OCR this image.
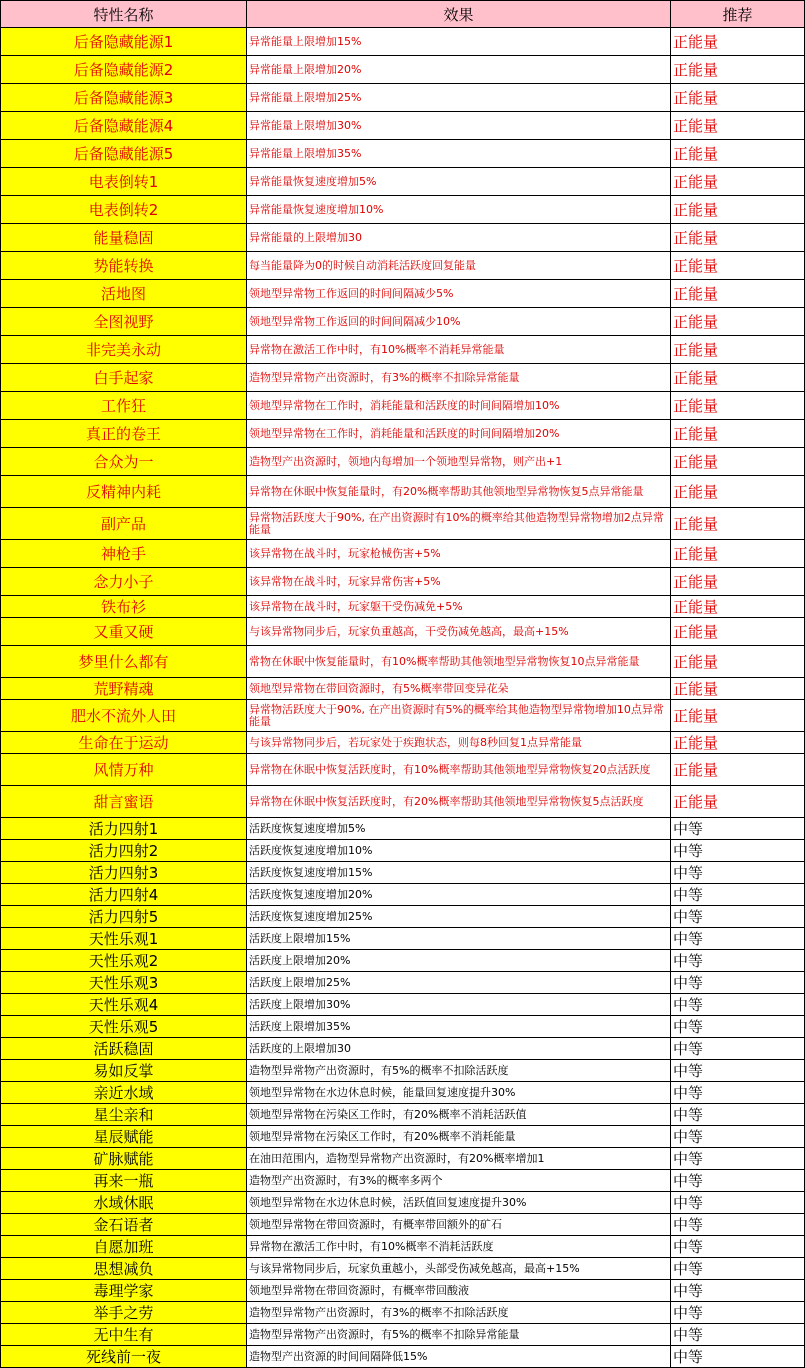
特性名称	效果	推荐
后备隐藏能源1	异常能量上限增加15%	正能量
后备隐藏能源2	异常能量上限增加20%	正能量
后备隐藏能源3	异常能量上限增加25%	正能量
后备隐藏能源4	异常能量上限增加30%	正能量
后备隐藏能源5	异常能量上限增加35%	正能量
电表倒转1	异常能量恢复速度增加5%	正能量
电表倒转2	异常能量恢复速度增加10%	正能量
能量稳固	异常能量的上限增加30	正能量
势能转换	每当能量降为0的时候自动消耗活跃度回复能量	正能量
活地图	领地型异常物工作返回的时间间隔减少5%	正能量
全图视野	领地型异常物工作返回的时间间隔减少10%	正能量
非完美永动	异常物在激活工作中时，有10%概率不消耗异常能量	正能量
白手起家	造物型异常物产出资源时，有3%的概率不扣除异常能量	正能量
工作狂	领地型异常物在工作时，消耗能量和活跃度的时间间隔增加10%	正能量
真正的卷王	领地型异常物在工作时，消耗能量和活跃度的时间间隔增加20%	正能量
合众为一	造物型产出资源时，领地内每增加一个领地型异常物，则产出+1	正能量
反精神内耗	异常物在休眠中恢复能量时，有20%概率帮助其他领地型异常物恢复5点异常能量	正能量
副产品	异常物活跃度大于90%, 在产出资源时有10%的概率给其他造物型异常物增加2点异常能量	正能量
神枪手	该异常物在战斗时，玩家枪械伤害+5%	正能量
念力小子	该异常物在战斗时，玩家异常伤害+5%	正能量
铁布衫	该异常物在战斗时，玩家躯干受伤减免+5%	正能量
又重又硬	与该异常物同步后，玩家负重越高，干受伤减免越高，最高+15%	正能量
梦里什么都有	常物在休眠中恢复能量时，有10%概率帮助其他领地型异常物恢复10点异常能量	正能量
荒野精魂	领地型异常物在带回资源时，有5%概率带回变异花朵	正能量
肥水不流外人田	异常物活跃度大于90%, 在产出资源时有5%的概率给其他造物型异常物增加10点异常能量	正能量
生命在于运动	与该异常物同步后，若玩家处于疾跑状态，则每8秒回复1点异常能量	正能量
风情万种	异常物在休眠中恢复活跃度时，有10%概率帮助其他领地型异常物恢复20点活跃度	正能量
甜言蜜语	异常物在休眠中恢复活跃度时，有20%概率帮助其他领地型异常物恢复5点活跃度	正能量
活力四射1	活跃度恢复速度增加5%	中等
活力四射2	活跃度恢复速度增加10%	中等
活力四射3	活跃度恢复速度增加15%	中等
活力四射4	活跃度恢复速度增加20%	中等
活力四射5	活跃度恢复速度增加25%	中等
天性乐观1	活跃度上限增加15%	中等
天性乐观2	活跃度上限增加20%	中等
天性乐观3	活跃度上限增加25%	中等
天性乐观4	活跃度上限增加30%	中等
天性乐观5	活跃度上限增加35%	中等
活跃稳固	活跃度的上限增加30	中等
易如反掌	造物型异常物产出资源时，有5%的概率不扣除活跃度	中等
亲近水域	领地型异常物在水边休息时候，能量回复速度提升30%	中等
星尘亲和	领地型异常物在污染区工作时，有20%概率不消耗活跃值	中等
星辰赋能	领地型异常物在污染区工作时，有20%概率不消耗能量	中等
矿脉赋能	在油田范围内，造物型异常物产出资源时，有20%概率增加1	中等
再来一瓶	造物型产出资源时，有3%的概率多两个	中等
水域休眠	领地型异常物在水边休息时候，活跃值回复速度提升30%	中等
金石语者	领地型异常物在带回资源时，有概率带回额外的矿石	中等
自愿加班	异常物在激活工作中时，有10%概率不消耗活跃度	中等
思想减负	与该异常物同步后，玩家负重越小，头部受伤减免越高，最高+15%	中等
毒理学家	领地型异常物在带回资源时，有概率带回酸液	中等
举手之劳	造物型异常物产出资源时，有3%的概率不扣除活跃度	中等
无中生有	造物型异常物产出资源时，有5%的概率不扣除异常能量	中等
死线前一夜	造物型产出资源的时间间隔降低15%	中等
